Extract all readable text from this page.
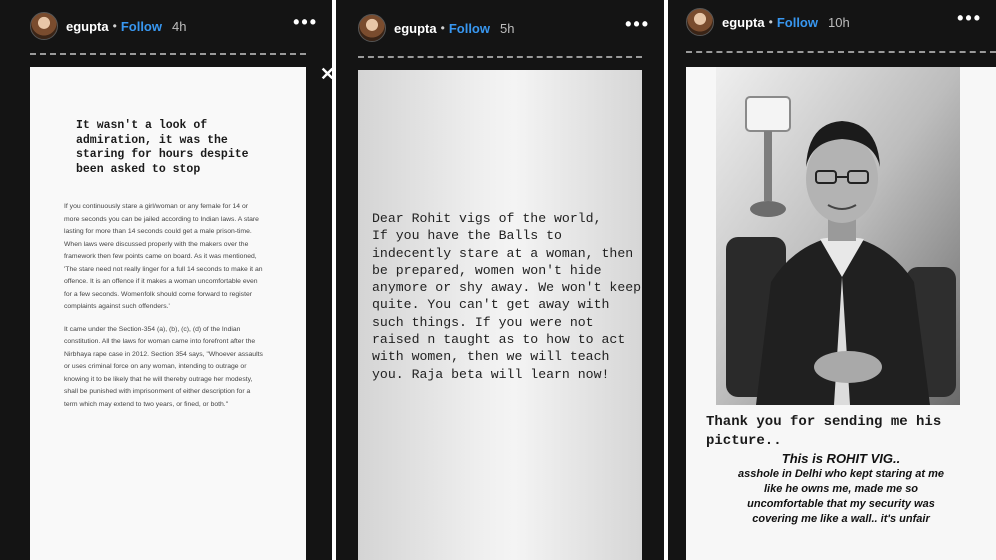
egupta • Follow 4h	•••
It wasn't a look of admiration, it was the staring for hours despite been asked to stop

If you continuously stare a girl/woman or any female for 14 or more seconds you can be jailed according to Indian laws. A stare lasting for more than 14 seconds could get a male prison-time. When laws were discussed properly with the makers over the framework then few points came on board. As it was mentioned, 'The stare need not really linger for a full 14 seconds to make it an offence. It is an offence if it makes a woman uncomfortable even for a few seconds. Womenfolk should come forward to register complaints against such offenders.'

It came under the Section-354 (a), (b), (c), (d) of the Indian constitution. All the laws for woman came into forefront after the Nirbhaya rape case in 2012. Section 354 says, "Whoever assaults or uses criminal force on any woman, intending to outrage or knowing it to be likely that he will thereby outrage her modesty, shall be punished with imprisonment of either description for a term which may extend to two years, or fined, or both."

✕
egupta • Follow 5h	•••
Dear Rohit vigs of the world,
If you have the Balls to indecently stare at a woman, then be prepared, women won't hide anymore or shy away. We won't keep quite. You can't get away with such things. If you were not raised n taught as to how to act with women, then we will teach you. Raja beta will learn now!
egupta • Follow 10h	•••
Thank you for sending me his picture..
This is ROHIT VIG..
asshole in Delhi who kept staring at me like he owns me, made me so uncomfortable that my security was covering me like a wall.. it's unfair
